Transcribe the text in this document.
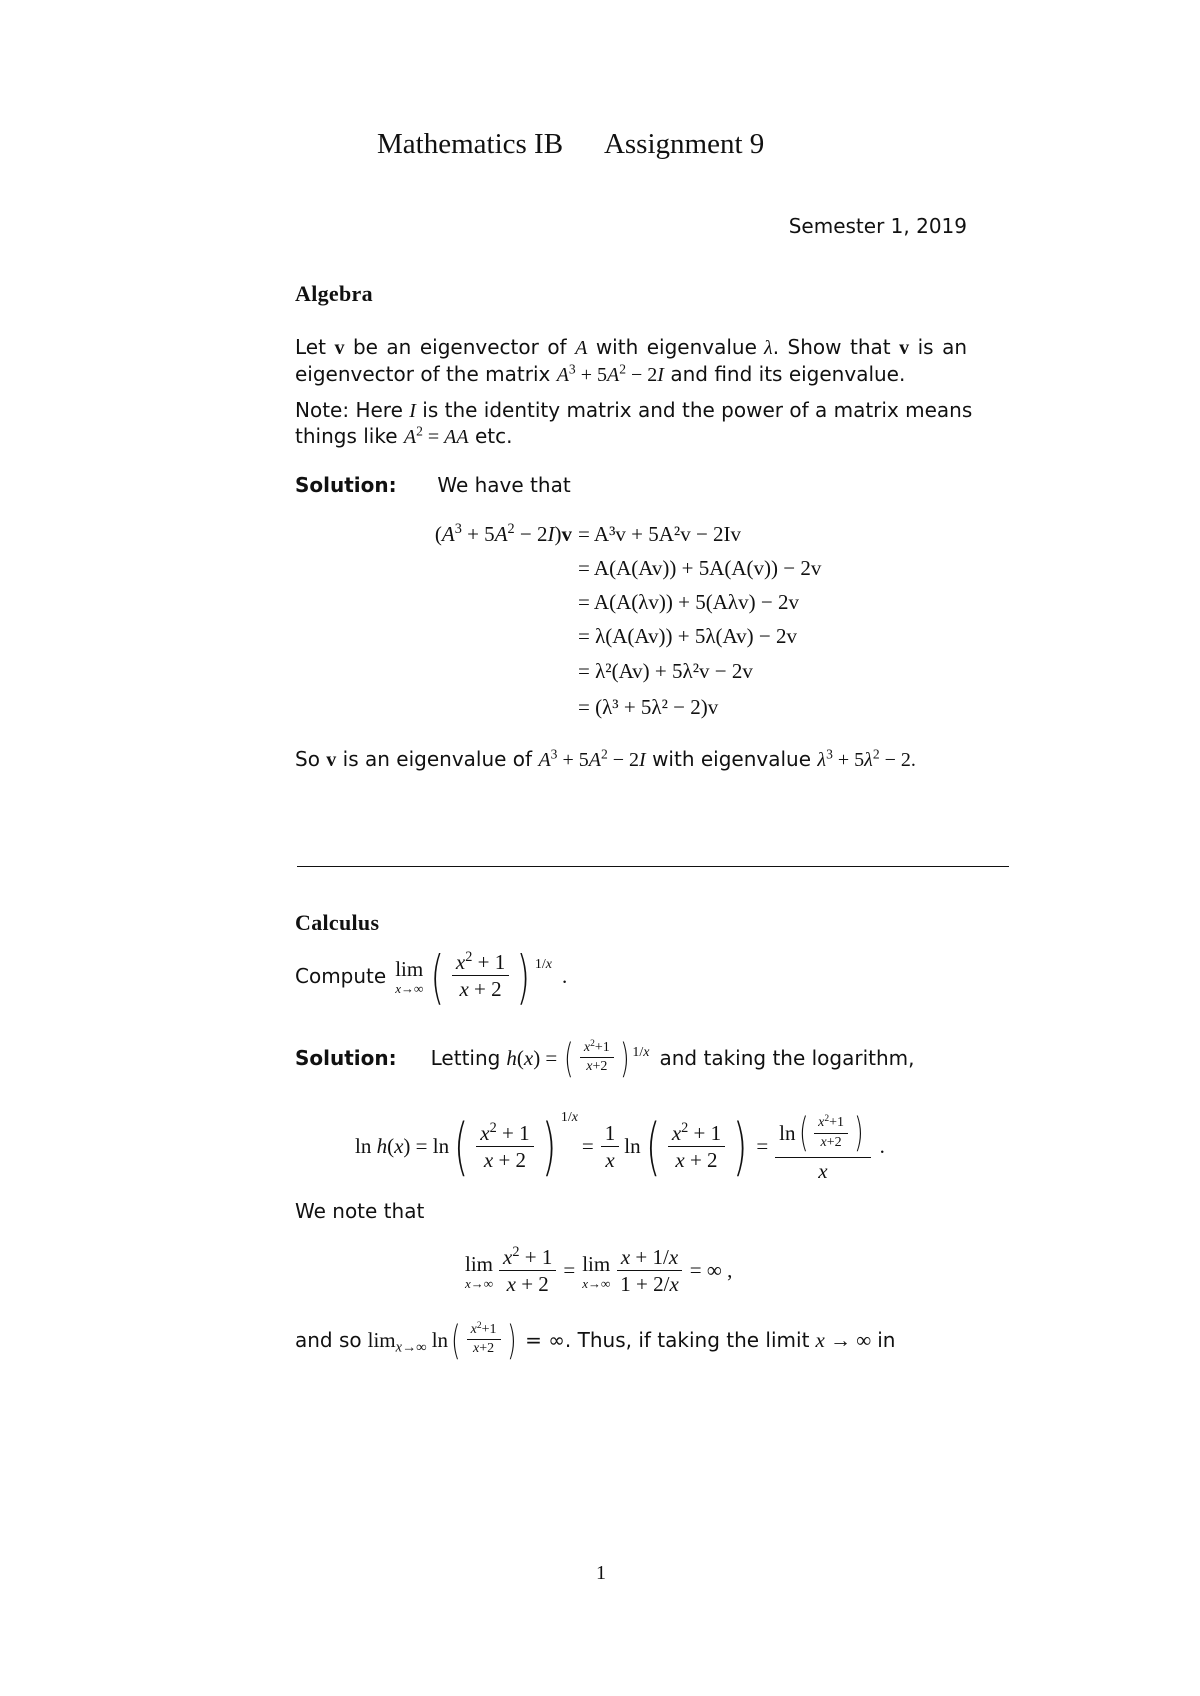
Mathematics IB Assignment 9
Semester 1, 2019
Algebra
Let v be an eigenvector of A with eigenvalue λ. Show that v is an
eigenvector of the matrix $A^3 + 5A^2 - 2I$ and find its eigenvalue.
Note: Here I is the identity matrix and the power of a matrix means
things like $A^2$ = AA etc.
Solution: We have that
$(A^3 + 5A^2 - 2I)v = A^3v + 5A^2v - 2Iv$
= A(A(Av)) + 5A(A(v)) − 2v
= A(A(λv)) + 5(Aλv) − 2v
= λ(A(Av)) + 5λ(Av) − 2v
= λ²(Av) + 5λ²v − 2v
= (λ³ + 5λ² − 2)v
So v is an eigenvalue of $A^3 + 5A^2 - 2I$ with eigenvalue $\lambda^3 + 5\lambda^2 - 2$.
Calculus
Compute lim
x→∞ ( $\frac{x^2 + 1}{x + 2}$ ) 1/x .
Solution: Letting h(x) = ( $\frac{x^2+1}{x+2}$ ) 1/x and taking the logarithm,
ln h(x) = ln ( $\frac{x^2 + 1}{x + 2}$ ) 1/x
= $\frac{1}{x}$ ln ( $\frac{x^2 + 1}{x + 2}$ ) = $\frac{\ln ( \frac{x^2+1}{x+2} )}{x}$ .
We note that
lim
$x\to\infty \frac{x^2 + 1}{x + 2} = \lim$
$x\to\infty \frac{x + 1/x}{1 + 2/x}$ = ∞ ,
and so $\lim_{x\to\infty} \ln$ ( $\frac{x^2+1}{x+2}$ ) = ∞. Thus, if taking the limit x → ∞ in
1
